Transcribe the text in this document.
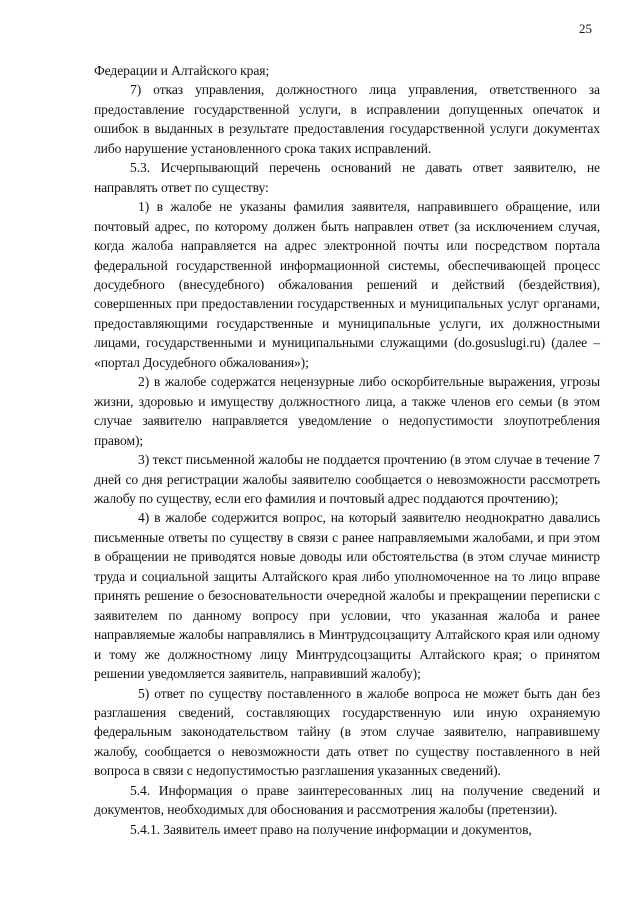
25

Федерации и Алтайского края;

7) отказ управления, должностного лица управления, ответственного за предоставление государственной услуги, в исправлении допущенных опечаток и ошибок в выданных в результате предоставления государственной услуги документах либо нарушение установленного срока таких исправлений.

5.3. Исчерпывающий перечень оснований не давать ответ заявителю, не направлять ответ по существу:

1) в жалобе не указаны фамилия заявителя, направившего обращение, или почтовый адрес, по которому должен быть направлен ответ (за исключением случая, когда жалоба направляется на адрес электронной почты или посредством портала федеральной государственной информационной системы, обеспечивающей процесс досудебного (внесудебного) обжалования решений и действий (бездействия), совершенных при предоставлении государственных и муниципальных услуг органами, предоставляющими государственные и муниципальные услуги, их должностными лицами, государственными и муниципальными служащими (do.gosuslugi.ru) (далее – «портал Досудебного обжалования»);

2) в жалобе содержатся нецензурные либо оскорбительные выражения, угрозы жизни, здоровью и имуществу должностного лица, а также членов его семьи (в этом случае заявителю направляется уведомление о недопустимости злоупотребления правом);

3) текст письменной жалобы не поддается прочтению (в этом случае в течение 7 дней со дня регистрации жалобы заявителю сообщается о невозможности рассмотреть жалобу по существу, если его фамилия и почтовый адрес поддаются прочтению);

4) в жалобе содержится вопрос, на который заявителю неоднократно давались письменные ответы по существу в связи с ранее направляемыми жалобами, и при этом в обращении не приводятся новые доводы или обстоятельства (в этом случае министр труда и социальной защиты Алтайского края либо уполномоченное на то лицо вправе принять решение о безосновательности очередной жалобы и прекращении переписки с заявителем по данному вопросу при условии, что указанная жалоба и ранее направляемые жалобы направлялись в Минтрудсоцзащиту Алтайского края или одному и тому же должностному лицу Минтрудсоцзащиты Алтайского края; о принятом решении уведомляется заявитель, направивший жалобу);

5) ответ по существу поставленного в жалобе вопроса не может быть дан без разглашения сведений, составляющих государственную или иную охраняемую федеральным законодательством тайну (в этом случае заявителю, направившему жалобу, сообщается о невозможности дать ответ по существу поставленного в ней вопроса в связи с недопустимостью разглашения указанных сведений).

5.4. Информация о праве заинтересованных лиц на получение сведений и документов, необходимых для обоснования и рассмотрения жалобы (претензии).

5.4.1. Заявитель имеет право на получение информации и документов,
